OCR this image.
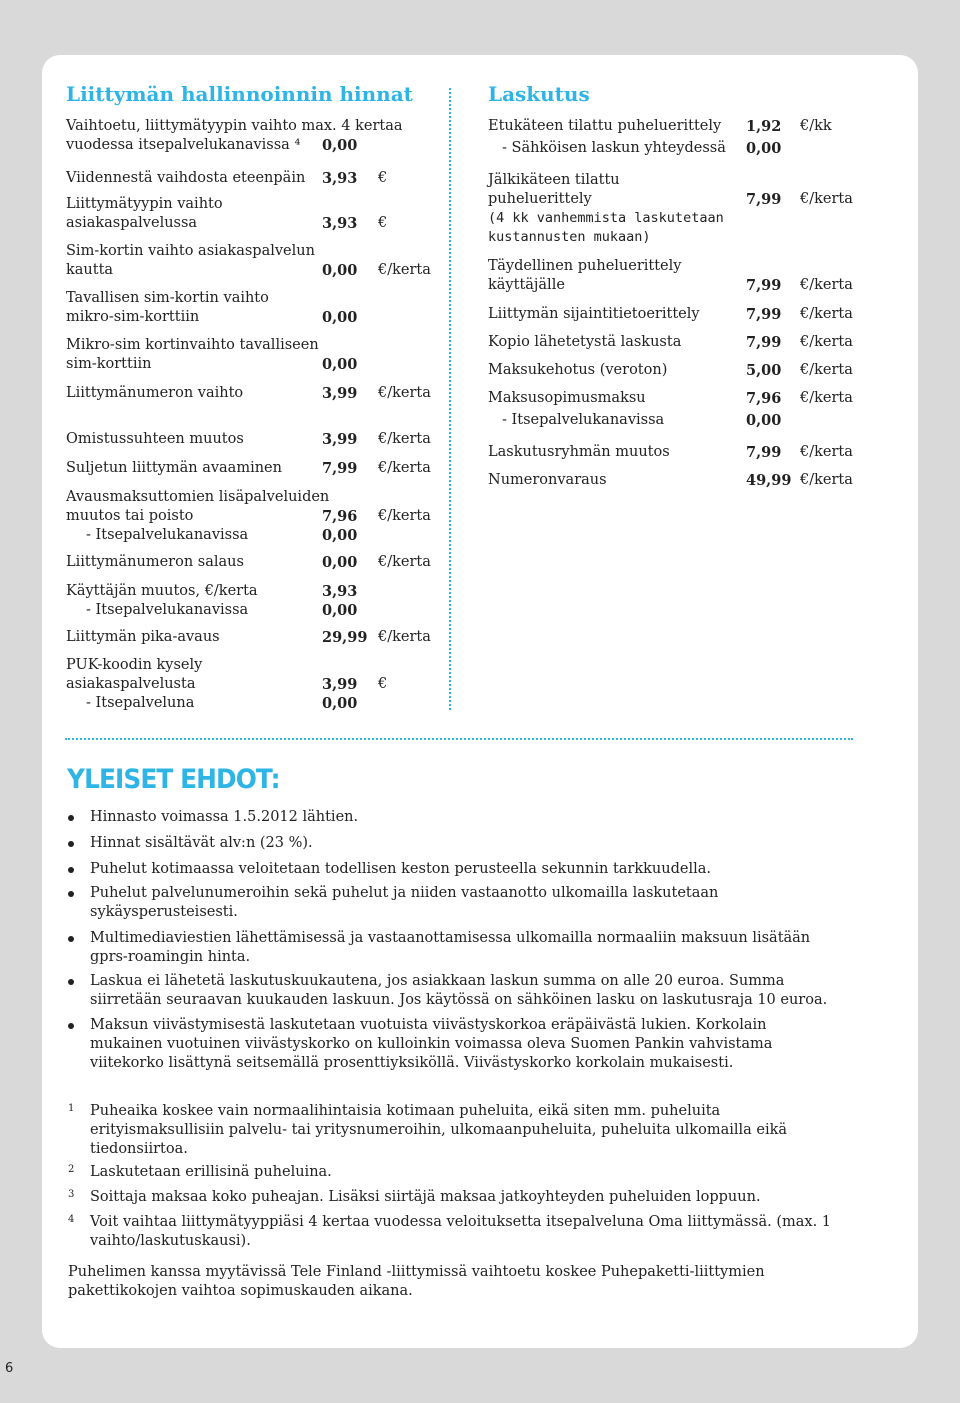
Liittymän hallinnoinnin hinnat	Laskutus
Vaihtoetu, liittymätyypin vaihto max. 4 kertaa
vuodessa itsepalvelukanavissa ⁴	0,00
Viidennestä vaihdosta eteenpäin 3,93 €
Liittymätyypin vaihto
asiakaspalvelussa	3,93 €
Sim-kortin vaihto asiakaspalvelun
kautta	0,00 €/kerta
Tavallisen sim-kortin vaihto
mikro-sim-korttiin	0,00
Mikro-sim kortinvaihto tavalliseen
sim-korttiin	0,00
Liittymänumeron vaihto	3,99 €/kerta
Omistussuhteen muutos	3,99 €/kerta
Suljetun liittymän avaaminen	7,99 €/kerta
Avausmaksuttomien lisäpalveluiden
muutos tai poisto	7,96 €/kerta
- Itsepalvelukanavissa	0,00
Liittymänumeron salaus	0,00 €/kerta
Käyttäjän muutos, €/kerta	3,93
- Itsepalvelukanavissa	0,00
Liittymän pika-avaus	29,99 €/kerta
PUK-koodin kysely
asiakaspalvelusta	3,99 €
- Itsepalveluna	0,00
Etukäteen tilattu puheluerittely 1,92 €/kk
- Sähköisen laskun yhteydessä 0,00
Jälkikäteen tilattu
puheluerittely
(4 kk vanhemmista laskutetaan
kustannusten mukaan)
7,99 €/kerta
Täydellinen puheluerittely
käyttäjälle	7,99 €/kerta
Liittymän sijaintitietoerittely	7,99 €/kerta
Kopio lähetetystä laskusta	7,99 €/kerta
Maksukehotus (veroton)	5,00 €/kerta
Maksusopimusmaksu	7,96 €/kerta
- Itsepalvelukanavissa	0,00
Laskutusryhmän muutos	7,99 €/kerta
Numeronvaraus	49,99 €/kerta
YLEISET EHDOT:
Hinnasto voimassa 1.5.2012 lähtien.
Hinnat sisältävät alv:n (23 %).
Puhelut kotimaassa veloitetaan todellisen keston perusteella sekunnin tarkkuudella.
Puhelut palvelunumeroihin sekä puhelut ja niiden vastaanotto ulkomailla laskutetaan sykäysperusteisesti.
Multimediaviestien lähettämisessä ja vastaanottamisessa ulkomailla normaaliin maksuun lisätään gprs-roamingin hinta.
Laskua ei lähetetä laskutuskuukautena, jos asiakkaan laskun summa on alle 20 euroa. Summa siirretään seuraavan kuukauden laskuun. Jos käytössä on sähköinen lasku on laskutusraja 10 euroa.
Maksun viivästymisestä laskutetaan vuotuista viivästyskorkoa eräpäivästä lukien. Korkolain mukainen vuotuinen viivästyskorko on kulloinkin voimassa oleva Suomen Pankin vahvistama viitekorko lisättynä seitsemällä prosenttiyksiköllä. Viivästyskorko korkolain mukaisesti.
1 Puheaika koskee vain normaalihintaisia kotimaan puheluita, eikä siten mm. puheluita erityismaksullisiin palvelu- tai yritysnumeroihin, ulkomaanpuheluita, puheluita ulkomailla eikä tiedonsiirtoa.
2 Laskutetaan erillisinä puheluina.
3 Soittaja maksaa koko puheajan. Lisäksi siirtäjä maksaa jatkoyhteyden puheluiden loppuun.
4 Voit vaihtaa liittymätyyppiäsi 4 kertaa vuodessa veloituksetta itsepalveluna Oma liittymässä. (max. 1 vaihto/laskutuskausi).
Puhelimen kanssa myytävissä Tele Finland -liittymissä vaihtoetu koskee Puhepaketti-liittymien pakettikokojen vaihtoa sopimuskauden aikana.
6
